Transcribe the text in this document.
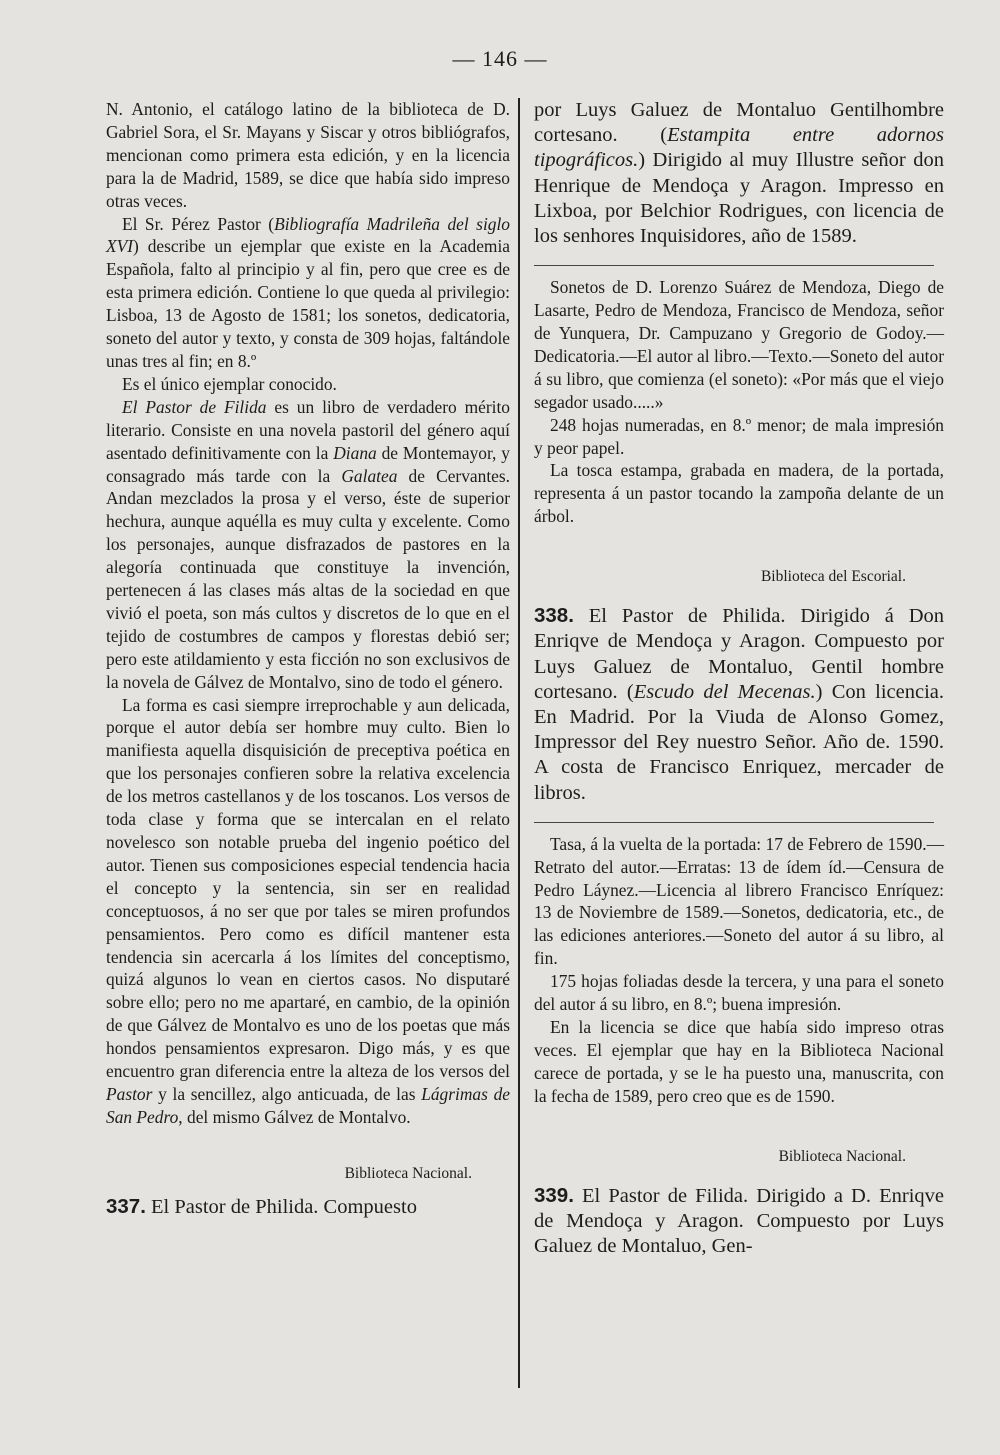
— 146 —

N. Antonio, el catálogo latino de la biblioteca de D. Gabriel Sora, el Sr. Mayans y Siscar y otros bibliógrafos, mencionan como primera esta edición, y en la licencia para la de Madrid, 1589, se dice que había sido impreso otras veces.

El Sr. Pérez Pastor (Bibliografía Madrileña del siglo XVI) describe un ejemplar que existe en la Academia Española, falto al principio y al fin, pero que cree es de esta primera edición. Contiene lo que queda al privilegio: Lisboa, 13 de Agosto de 1581; los sonetos, dedicatoria, soneto del autor y texto, y consta de 309 hojas, faltándole unas tres al fin; en 8.º

Es el único ejemplar conocido.

El Pastor de Filida es un libro de verdadero mérito literario. Consiste en una novela pastoril del género aquí asentado definitivamente con la Diana de Montemayor, y consagrado más tarde con la Galatea de Cervantes. Andan mezclados la prosa y el verso, éste de superior hechura, aunque aquélla es muy culta y excelente. Como los personajes, aunque disfrazados de pastores en la alegoría continuada que constituye la invención, pertenecen á las clases más altas de la sociedad en que vivió el poeta, son más cultos y discretos de lo que en el tejido de costumbres de campos y florestas debió ser; pero este atildamiento y esta ficción no son exclusivos de la novela de Gálvez de Montalvo, sino de todo el género.

La forma es casi siempre irreprochable y aun delicada, porque el autor debía ser hombre muy culto. Bien lo manifiesta aquella disquisición de preceptiva poética en que los personajes confieren sobre la relativa excelencia de los metros castellanos y de los toscanos. Los versos de toda clase y forma que se intercalan en el relato novelesco son notable prueba del ingenio poético del autor. Tienen sus composiciones especial tendencia hacia el concepto y la sentencia, sin ser en realidad conceptuosos, á no ser que por tales se miren profundos pensamientos. Pero como es difícil mantener esta tendencia sin acercarla á los límites del conceptismo, quizá algunos lo vean en ciertos casos. No disputaré sobre ello; pero no me apartaré, en cambio, de la opinión de que Gálvez de Montalvo es uno de los poetas que más hondos pensamientos expresaron. Digo más, y es que encuentro gran diferencia entre la alteza de los versos del Pastor y la sencillez, algo anticuada, de las Lágrimas de San Pedro, del mismo Gálvez de Montalvo.

Biblioteca Nacional.

337. El Pastor de Philida. Compuesto

por Luys Galuez de Montaluo Gentilhombre cortesano. (Estampita entre adornos tipográficos.) Dirigido al muy Illustre señor don Henrique de Mendoça y Aragon. Impresso en Lixboa, por Belchior Rodrigues, con licencia de los senhores Inquisidores, año de 1589.

Sonetos de D. Lorenzo Suárez de Mendoza, Diego de Lasarte, Pedro de Mendoza, Francisco de Mendoza, señor de Yunquera, Dr. Campuzano y Gregorio de Godoy.—Dedicatoria.—El autor al libro.—Texto.—Soneto del autor á su libro, que comienza (el soneto): «Por más que el viejo segador usado.....»

248 hojas numeradas, en 8.º menor; de mala impresión y peor papel.

La tosca estampa, grabada en madera, de la portada, representa á un pastor tocando la zampoña delante de un árbol.

Biblioteca del Escorial.

338. El Pastor de Philida. Dirigido á Don Enriqve de Mendoça y Aragon. Compuesto por Luys Galuez de Montaluo, Gentil hombre cortesano. (Escudo del Mecenas.) Con licencia. En Madrid. Por la Viuda de Alonso Gomez, Impressor del Rey nuestro Señor. Año de. 1590. A costa de Francisco Enriquez, mercader de libros.

Tasa, á la vuelta de la portada: 17 de Febrero de 1590.—Retrato del autor.—Erratas: 13 de ídem íd.—Censura de Pedro Láynez.—Licencia al librero Francisco Enríquez: 13 de Noviembre de 1589.—Sonetos, dedicatoria, etc., de las ediciones anteriores.—Soneto del autor á su libro, al fin.

175 hojas foliadas desde la tercera, y una para el soneto del autor á su libro, en 8.º; buena impresión.

En la licencia se dice que había sido impreso otras veces. El ejemplar que hay en la Biblioteca Nacional carece de portada, y se le ha puesto una, manuscrita, con la fecha de 1589, pero creo que es de 1590.

Biblioteca Nacional.

339. El Pastor de Filida. Dirigido a D. Enriqve de Mendoça y Aragon. Compuesto por Luys Galuez de Montaluo, Gen-
